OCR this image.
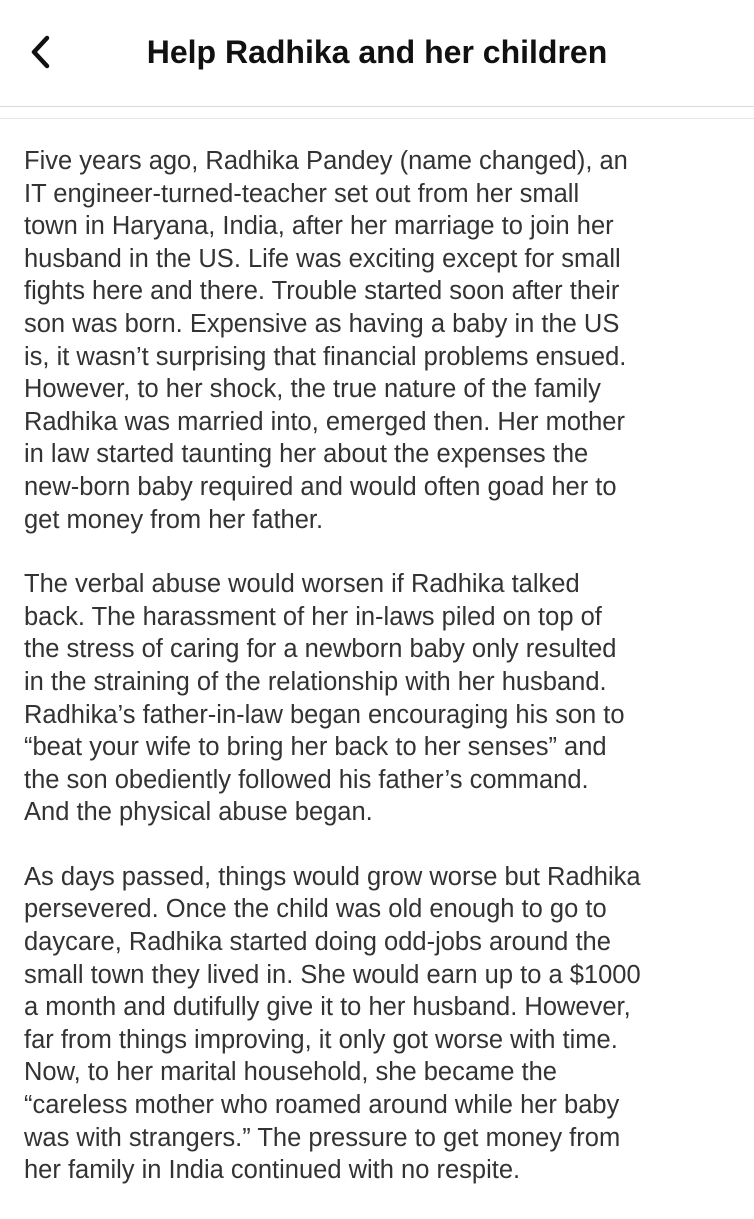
Help Radhika and her children

Five years ago, Radhika Pandey (name changed), an
IT engineer-turned-teacher set out from her small
town in Haryana, India, after her marriage to join her
husband in the US. Life was exciting except for small
fights here and there. Trouble started soon after their
son was born. Expensive as having a baby in the US
is, it wasn’t surprising that financial problems ensued.
However, to her shock, the true nature of the family
Radhika was married into, emerged then. Her mother
in law started taunting her about the expenses the
new-born baby required and would often goad her to
get money from her father.

The verbal abuse would worsen if Radhika talked
back. The harassment of her in-laws piled on top of
the stress of caring for a newborn baby only resulted
in the straining of the relationship with her husband.
Radhika’s father-in-law began encouraging his son to
“beat your wife to bring her back to her senses” and
the son obediently followed his father’s command.
And the physical abuse began.

As days passed, things would grow worse but Radhika
persevered. Once the child was old enough to go to
daycare, Radhika started doing odd-jobs around the
small town they lived in. She would earn up to a $1000
a month and dutifully give it to her husband. However,
far from things improving, it only got worse with time.
Now, to her marital household, she became the
“careless mother who roamed around while her baby
was with strangers.” The pressure to get money from
her family in India continued with no respite.
